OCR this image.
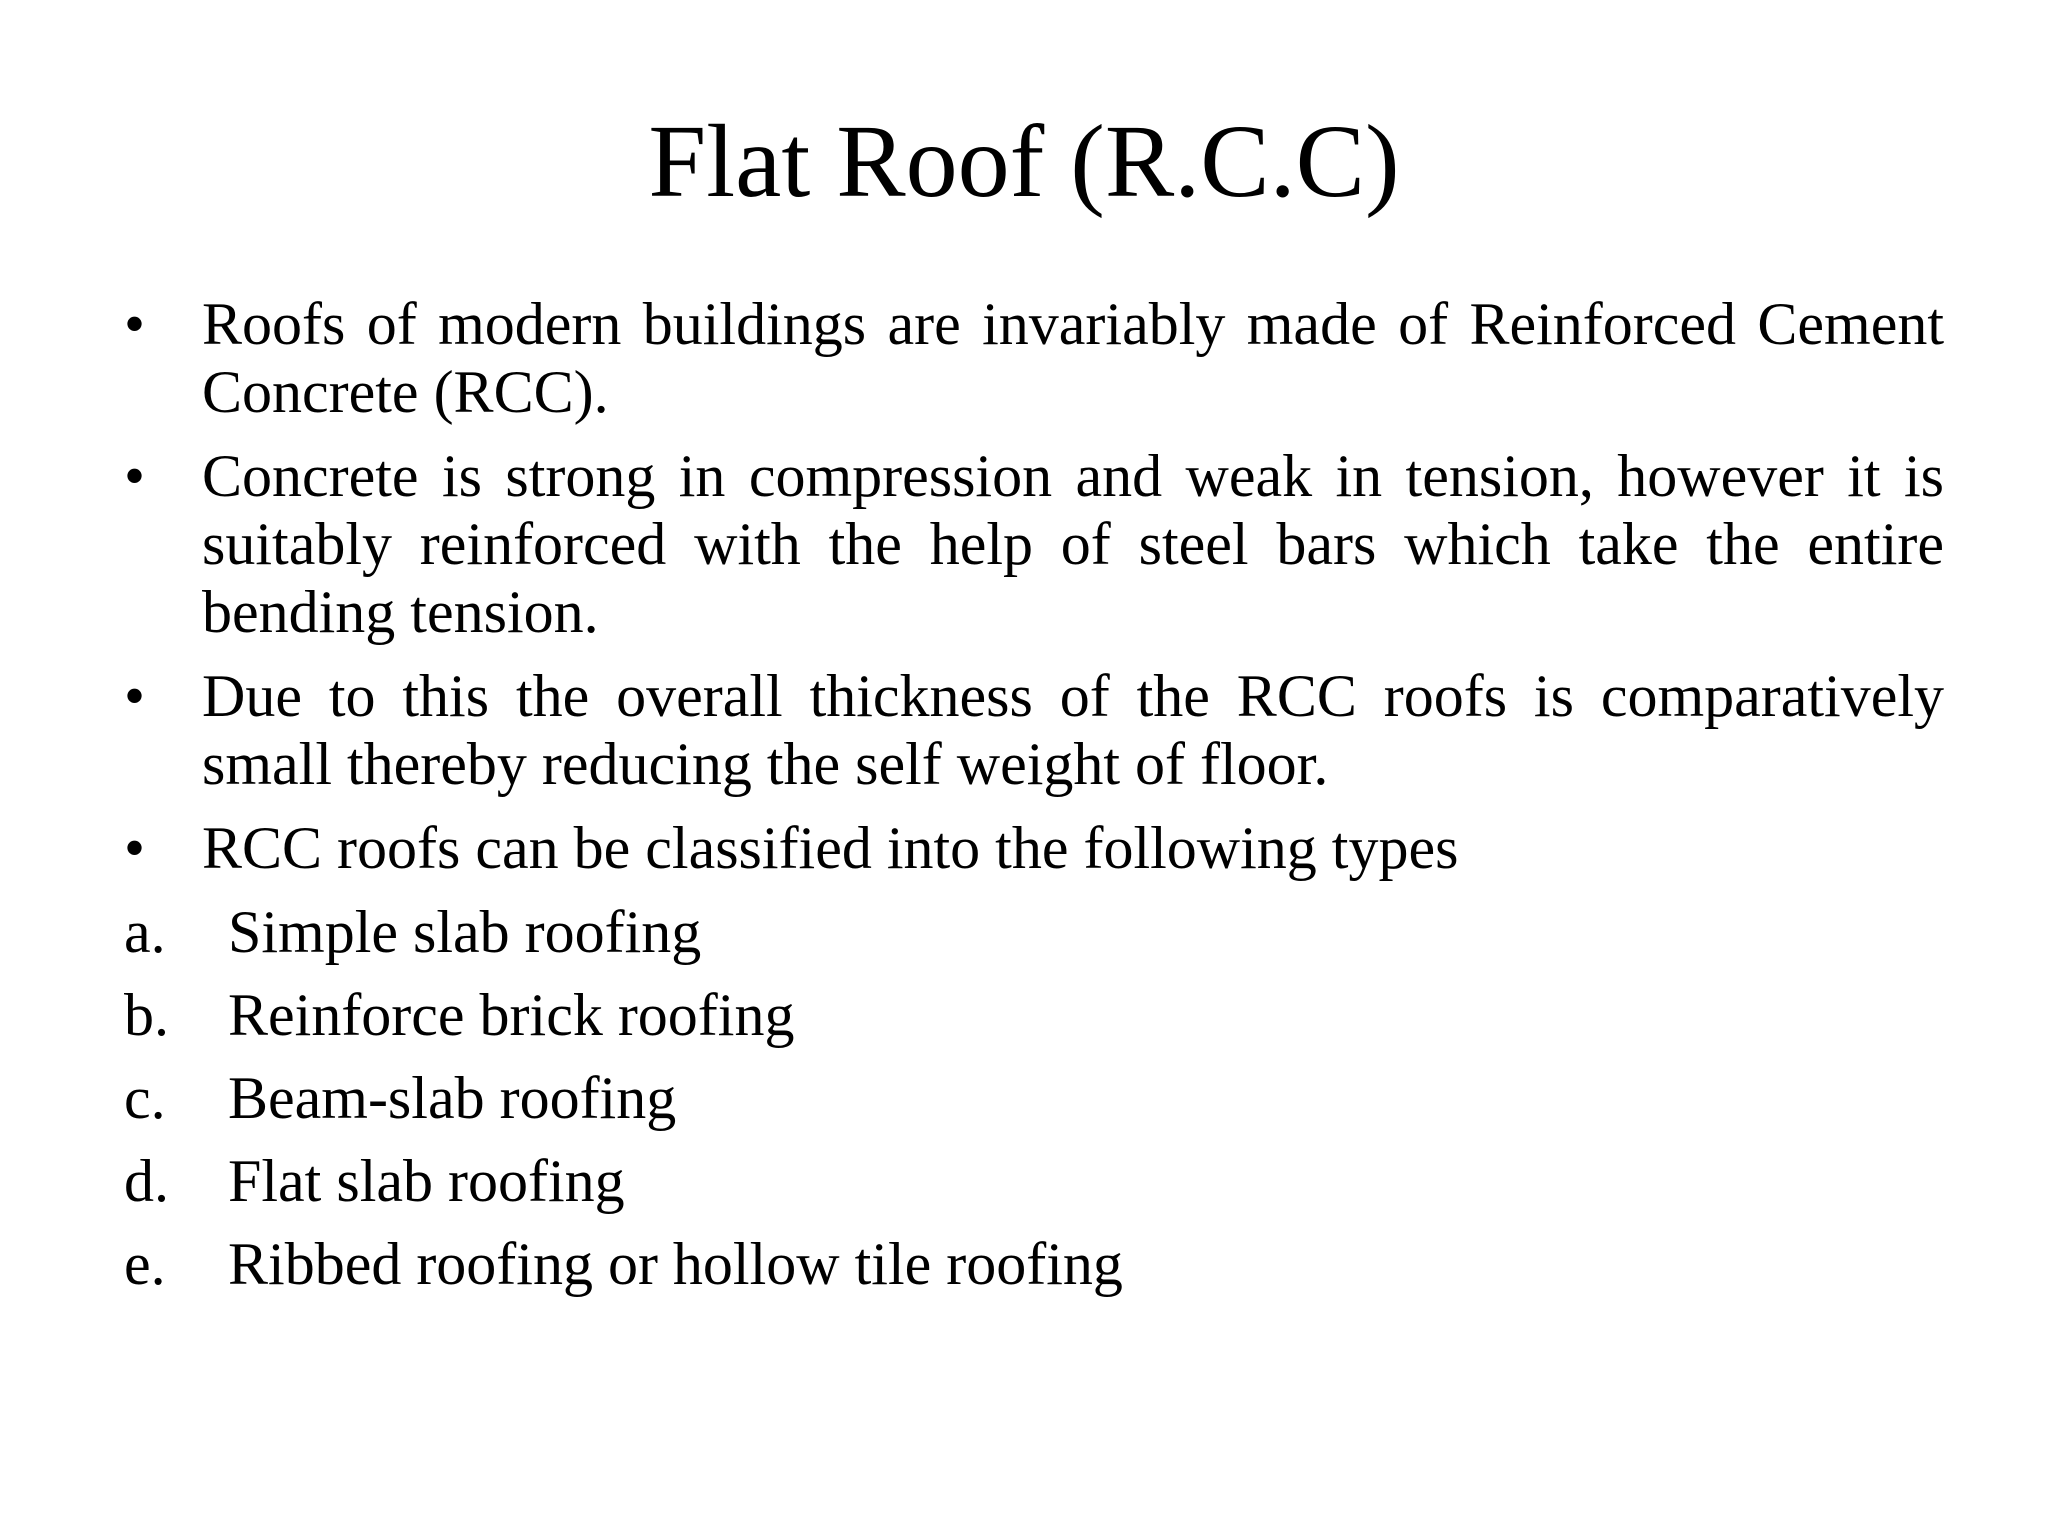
Flat Roof (R.C.C)
• Roofs of modern buildings are invariably made of Reinforced Cement Concrete (RCC).
• Concrete is strong in compression and weak in tension, however it is suitably reinforced with the help of steel bars which take the entire bending tension.
• Due to this the overall thickness of the RCC roofs is comparatively small thereby reducing the self weight of floor.
• RCC roofs can be classified into the following types
a. Simple slab roofing
b. Reinforce brick roofing
c. Beam-slab roofing
d. Flat slab roofing
e. Ribbed roofing or hollow tile roofing
